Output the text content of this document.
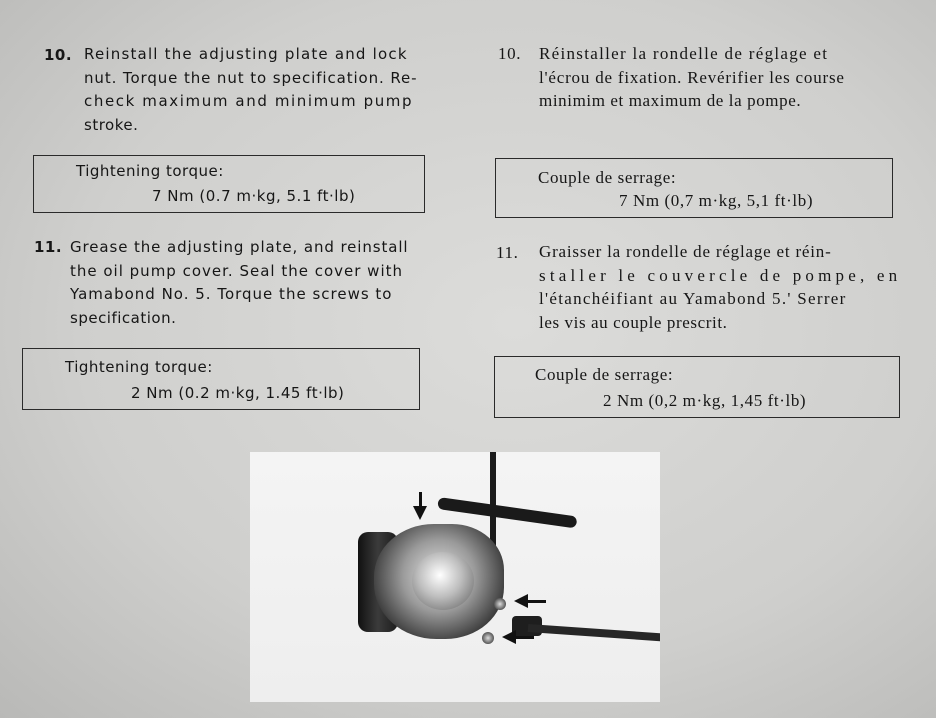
10. Reinstall the adjusting plate and lock
nut. Torque the nut to specification. Re-
check maximum and minimum pump
stroke.
Tightening torque:
7 Nm (0.7 m·kg, 5.1 ft·lb)
11. Grease the adjusting plate, and reinstall
the oil pump cover. Seal the cover with
Yamabond No. 5. Torque the screws to
specification.
Tightening torque:
2 Nm (0.2 m·kg, 1.45 ft·lb)
10. Réinstaller la rondelle de réglage et
l'écrou de fixation. Revérifier les course
minimim et maximum de la pompe.
Couple de serrage:
7 Nm (0,7 m·kg, 5,1 ft·lb)
11. Graisser la rondelle de réglage et réin-
staller le couvercle de pompe, en
l'étanchéifiant au Yamabond 5.' Serrer
les vis au couple prescrit.
Couple de serrage:
2 Nm (0,2 m·kg, 1,45 ft·lb)
